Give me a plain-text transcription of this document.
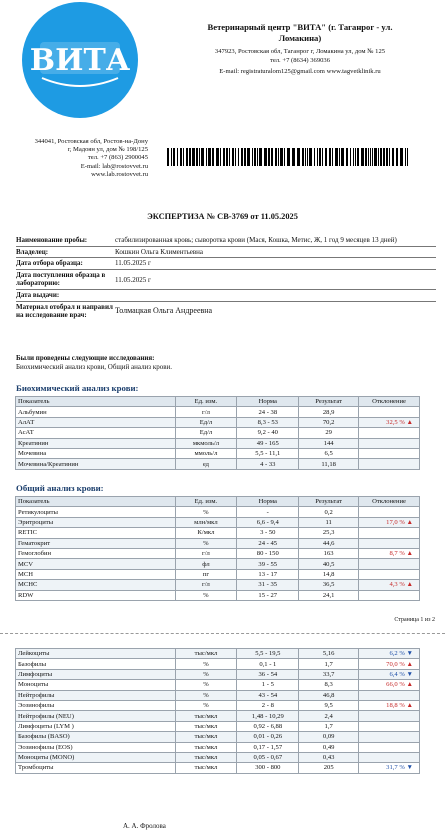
ВИТА
Ветеринарный центр "ВИТА" (г. Таганрог - ул.
Ломакина)
347923, Ростовская обл, Таганрог г, Ломакина ул, дом № 125
тел. +7 (8634) 369036
E-mail: registraturalom125@gmail.com www.tagvetklinik.ru
344041, Ростовская обл, Ростов-на-Дону
г, Мадоян ул, дом № 198/125
тел. +7 (863) 2900045
E-mail: lab@rostovvet.ru
www.lab.rostovvet.ru
ЭКСПЕРТИЗА № СВ-3769 от 11.05.2025
Наименование пробы:	стабилизированная кровь; сыворотка крови (Мася, Кошка, Метис, Ж, 1 год 9 месяцев 13 дней)
Владелец:	Кошкин Ольга Климентьевна
Дата отбора образца:	11.05.2025 г
Дата поступления образца в лабораторию:	11.05.2025 г
Дата выдачи:	
Материал отобрал и направил на исследование врач:	Толмацкая Ольга Андреевна
Были проведены следующие исследования:
Биохимический анализ крови, Общий анализ крови.
Биохимический анализ крови:
Показатель	Ед. изм.	Норма	Результат	Отклонение
Альбумин	г/л	24 - 38	28,9	
АлАТ	Ед/л	8,3 - 53	70,2	32,5 % ▲
АсАТ	Ед/л	9,2 - 40	29	
Креатинин	мкмоль/л	49 - 165	144	
Мочевина	ммоль/л	5,5 - 11,1	6,5	
Мочевина/Креатинин	ед	4 - 33	11,18	
Общий анализ крови:
Показатель	Ед. изм.	Норма	Результат	Отклонение
Ретикулоциты	%	-	0,2	
Эритроциты	млн/мкл	6,6 - 9,4	11	17,0 % ▲
RETIC	К/мкл	3 - 50	25,3	
Гематокрит	%	24 - 45	44,6	
Гемоглобин	г/л	80 - 150	163	8,7 % ▲
MCV	фл	39 - 55	40,5	
MCH	пг	13 - 17	14,8	
MCHC	г/л	31 - 35	36,5	4,3 % ▲
RDW	%	15 - 27	24,1	
Страница 1 из 2
Лейкоциты	тыс/мкл	5,5 - 19,5	5,16	6,2 % ▼
Базофилы	%	0,1 - 1	1,7	70,0 % ▲
Лимфоциты	%	36 - 54	33,7	6,4 % ▼
Моноциты	%	1 - 5	8,3	66,0 % ▲
Нейтрофилы	%	43 - 54	46,8	
Эозинофилы	%	2 - 8	9,5	18,8 % ▲
Нейтрофилы (NEU)	тыс/мкл	1,48 - 10,29	2,4	
Лимфоциты (LYM )	тыс/мкл	0,92 - 6,88	1,7	
Базофилы (BASO)	тыс/мкл	0,01 - 0,26	0,09	
Эозинофилы (EOS)	тыс/мкл	0,17 - 1,57	0,49	
Моноциты (MONO)	тыс/мкл	0,05 - 0,67	0,43	
Тромбоциты	тыс/мкл	300 - 800	205	31,7 % ▼
А. А. Фролова
